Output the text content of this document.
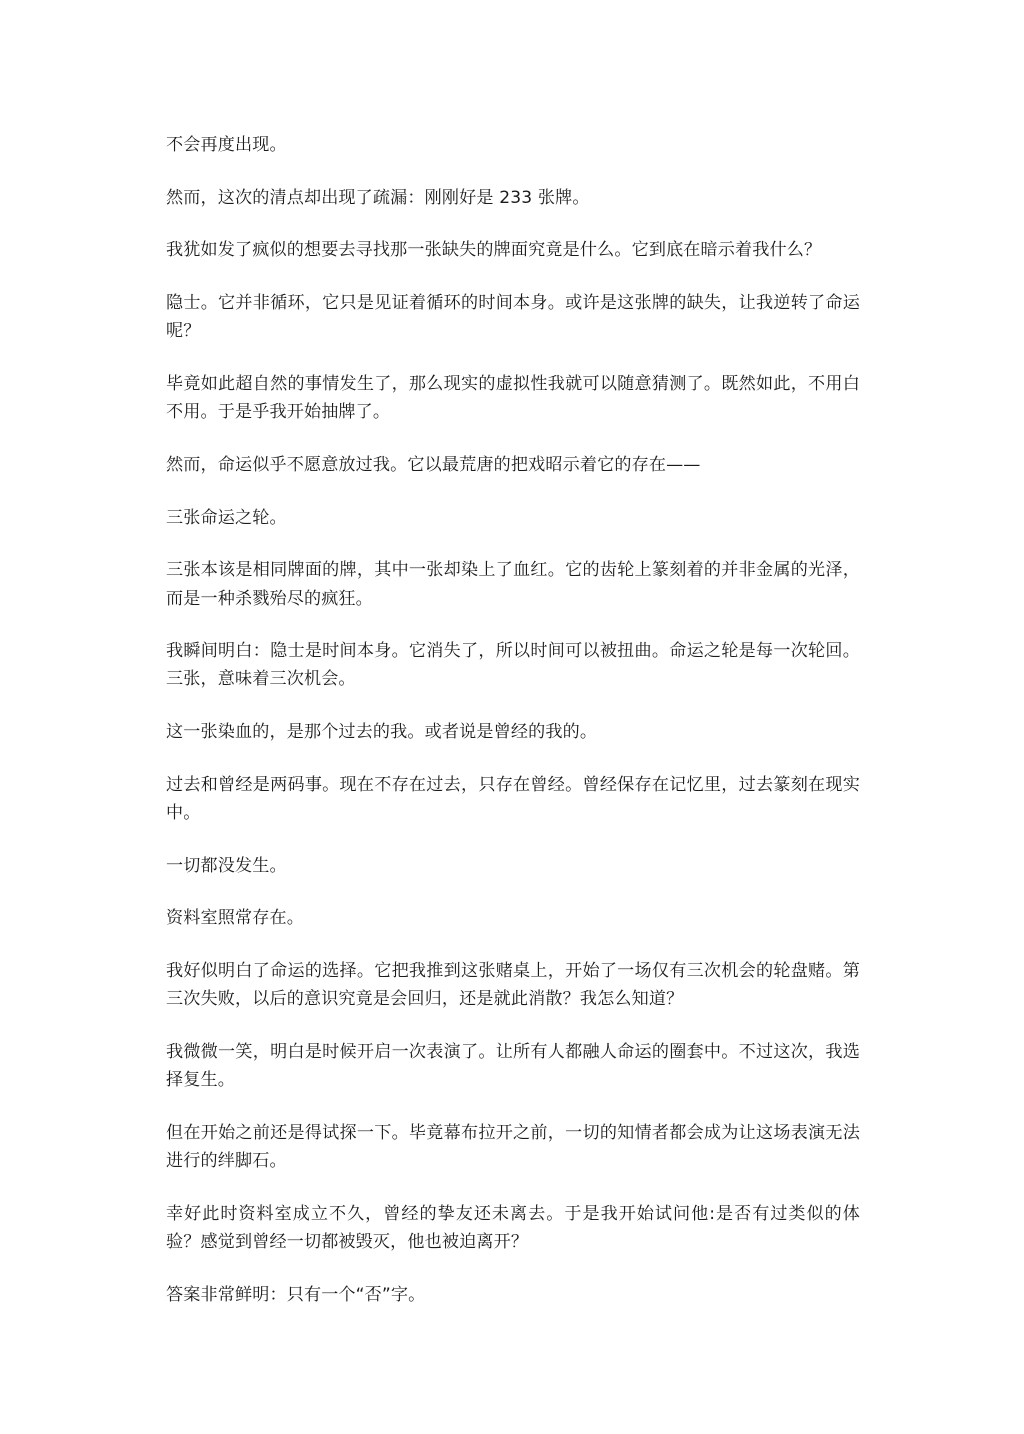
不会再度出现。

然而，这次的清点却出现了疏漏：刚刚好是 233 张牌。

我犹如发了疯似的想要去寻找那一张缺失的牌面究竟是什么。它到底在暗示着我什么？

隐士。它并非循环，它只是见证着循环的时间本身。或许是这张牌的缺失，让我逆转了命运呢？

毕竟如此超自然的事情发生了，那么现实的虚拟性我就可以随意猜测了。既然如此，不用白不用。于是乎我开始抽牌了。

然而，命运似乎不愿意放过我。它以最荒唐的把戏昭示着它的存在——

三张命运之轮。

三张本该是相同牌面的牌，其中一张却染上了血红。它的齿轮上篆刻着的并非金属的光泽，而是一种杀戮殆尽的疯狂。

我瞬间明白：隐士是时间本身。它消失了，所以时间可以被扭曲。命运之轮是每一次轮回。三张，意味着三次机会。

这一张染血的，是那个过去的我。或者说是曾经的我的。

过去和曾经是两码事。现在不存在过去，只存在曾经。曾经保存在记忆里，过去篆刻在现实中。

一切都没发生。

资料室照常存在。

我好似明白了命运的选择。它把我推到这张赌桌上，开始了一场仅有三次机会的轮盘赌。第三次失败，以后的意识究竟是会回归，还是就此消散？我怎么知道？

我微微一笑，明白是时候开启一次表演了。让所有人都融人命运的圈套中。不过这次，我选择复生。

但在开始之前还是得试探一下。毕竟幕布拉开之前，一切的知情者都会成为让这场表演无法进行的绊脚石。

幸好此时资料室成立不久，曾经的挚友还未离去。于是我开始试问他:是否有过类似的体验？感觉到曾经一切都被毁灭，他也被迫离开？

答案非常鲜明：只有一个“否”字。
